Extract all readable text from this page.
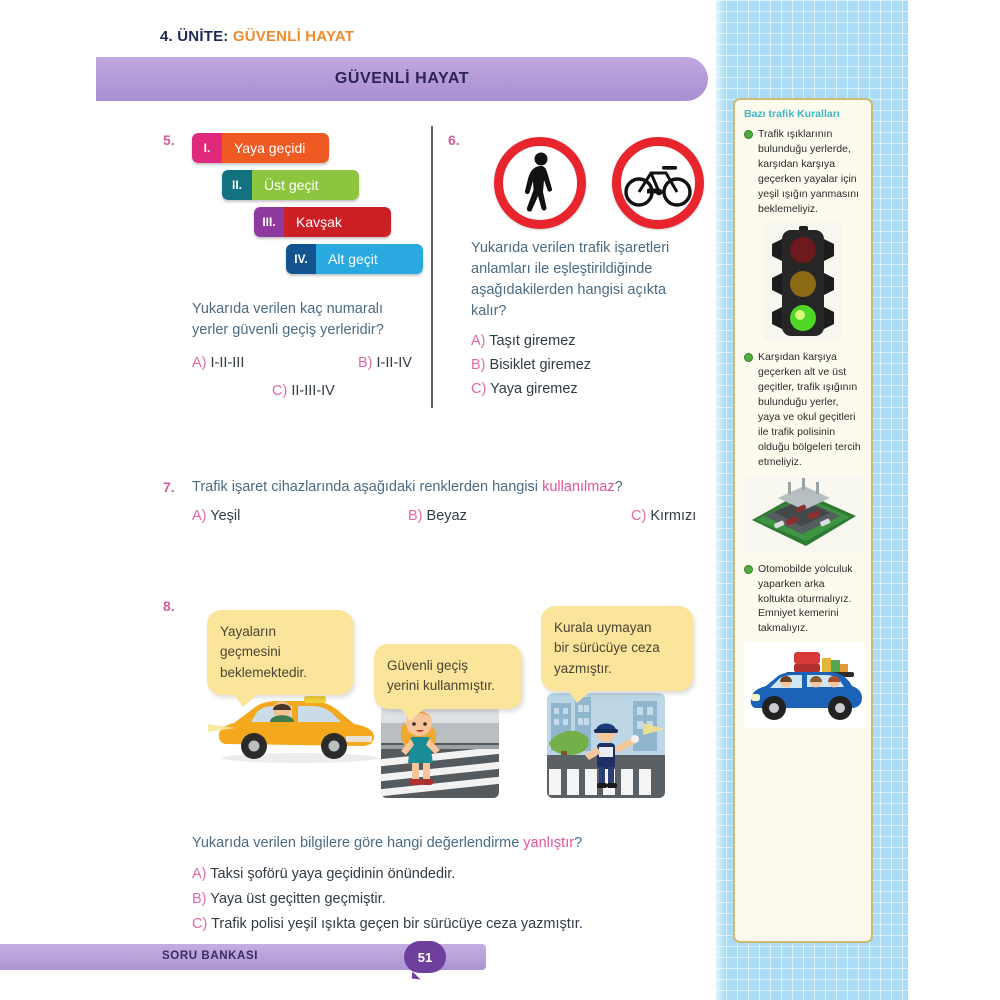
4. ÜNİTE: GÜVENLİ HAYAT
GÜVENLİ HAYAT
5.	I.	Yaya geçidi
II.	Üst geçit
III.	Kavşak
IV.	Alt geçit
Yukarıda verilen kaç numaralı
yerler güvenli geçiş yerleridir?
A) I-II-III	B) I-II-IV
C) II-III-IV
6.
Yukarıda verilen trafik işaretleri
anlamları ile eşleştirildiğinde
aşağıdakilerden hangisi açıkta
kalır?
A) Taşıt giremez
B) Bisiklet giremez
C) Yaya giremez
7. Trafik işaret cihazlarında aşağıdaki renklerden hangisi kullanılmaz?
A) Yeşil	B) Beyaz	C) Kırmızı
8.
Yayaların
geçmesini
beklemektedir.	Güvenli geçiş
yerini kullanmıştır.
Kurala uymayan
bir sürücüye ceza
yazmıştır.
Yukarıda verilen bilgilere göre hangi değerlendirme yanlıştır?
A) Taksi şoförü yaya geçidinin önündedir.
B) Yaya üst geçitten geçmiştir.
C) Trafik polisi yeşil ışıkta geçen bir sürücüye ceza yazmıştır.
Bazı trafik Kuralları
Trafik ışıklarının bulunduğu yerlerde, karşıdan karşıya geçerken yayalar için yeşil ışığın yanmasını beklemeliyiz.
Karşıdan karşıya geçerken alt ve üst geçitler, trafik ışığının bulunduğu yerler, yaya ve okul geçitleri ile trafik polisinin olduğu bölgeleri tercih etmeliyiz.
Otomobilde yolculuk yaparken arka koltukta oturmalıyız. Emniyet kemerini takmalıyız.
SORU BANKASI	51
